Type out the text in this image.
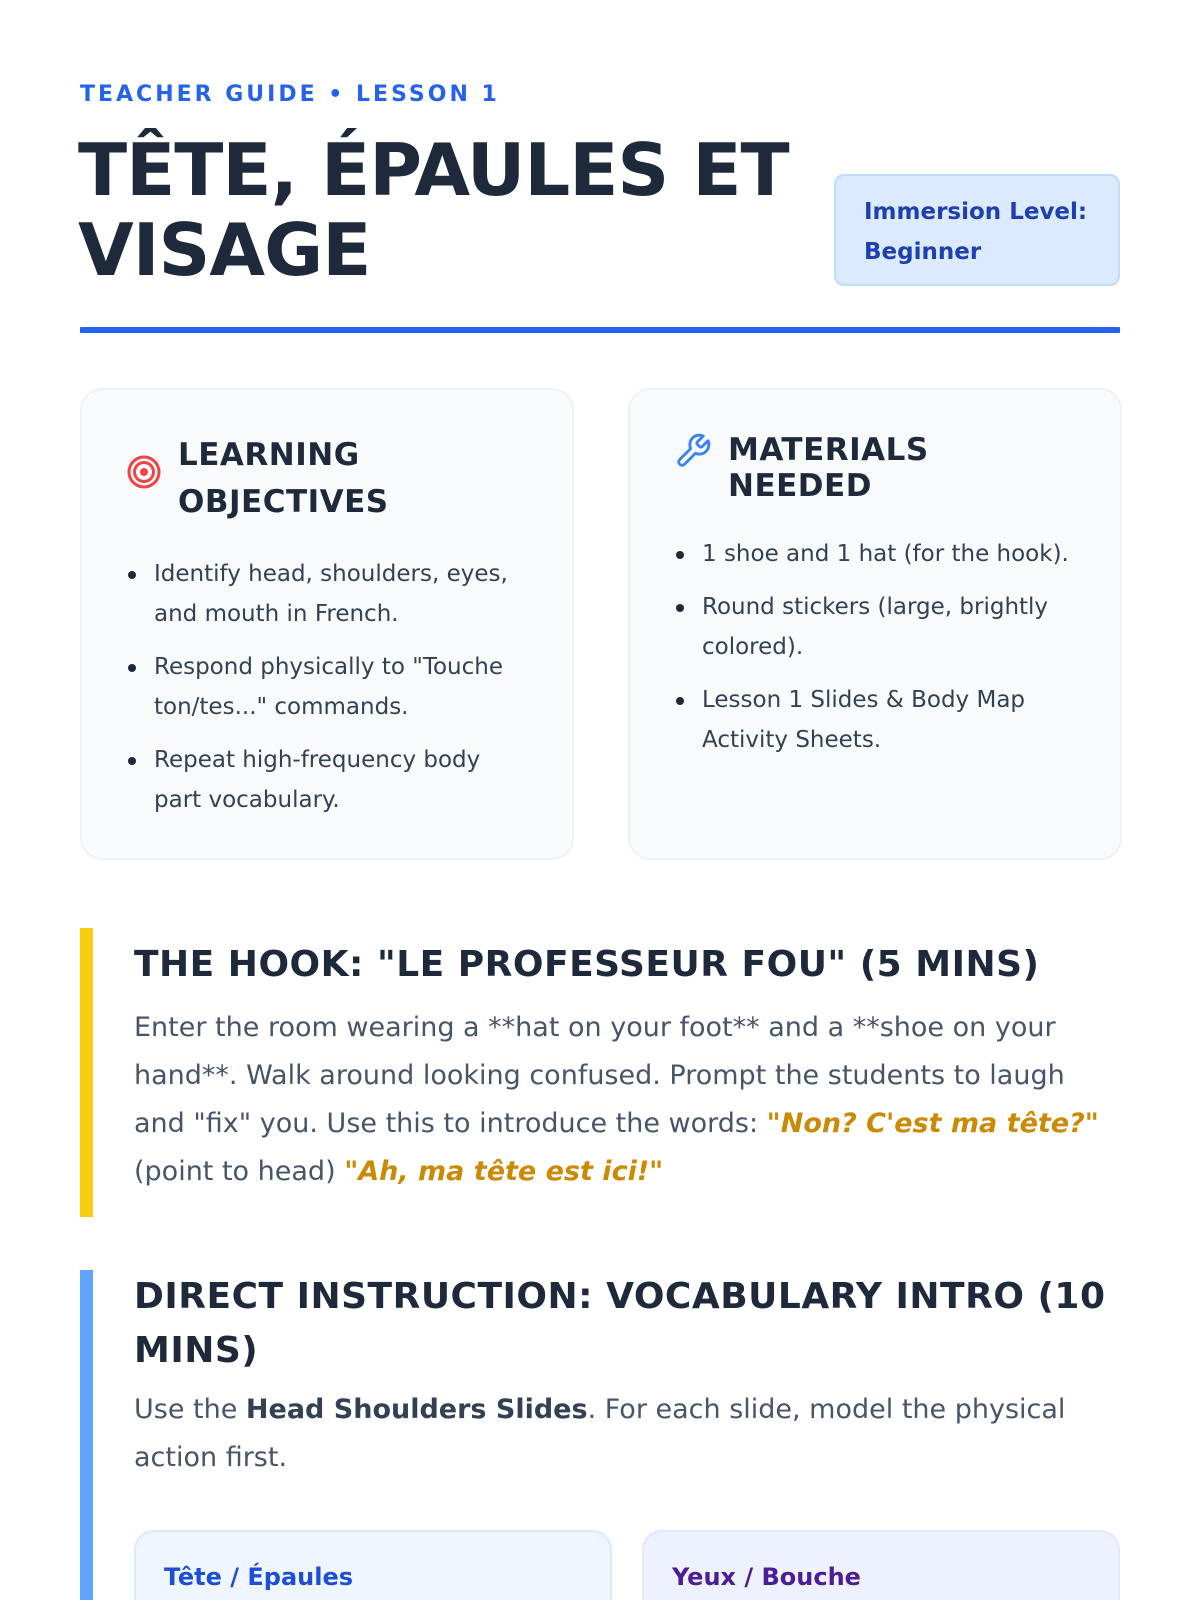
TEACHER GUIDE • LESSON 1
TÊTE, ÉPAULES ET VISAGE	Immersion Level: Beginner
LEARNING OBJECTIVES
Identify head, shoulders, eyes, and mouth in French.
Respond physically to "Touche ton/tes..." commands.
Repeat high-frequency body part vocabulary.
MATERIALS NEEDED
1 shoe and 1 hat (for the hook).
Round stickers (large, brightly colored).
Lesson 1 Slides & Body Map Activity Sheets.
THE HOOK: "LE PROFESSEUR FOU" (5 MINS)

Enter the room wearing a **hat on your foot** and a **shoe on your hand**. Walk around looking confused. Prompt the students to laugh and "fix" you. Use this to introduce the words: "Non? C'est ma tête?" (point to head) "Ah, ma tête est ici!"

DIRECT INSTRUCTION: VOCABULARY INTRO (10 MINS)

Use the Head Shoulders Slides. For each slide, model the physical action first.

Tête / Épaules	Yeux / Bouche
